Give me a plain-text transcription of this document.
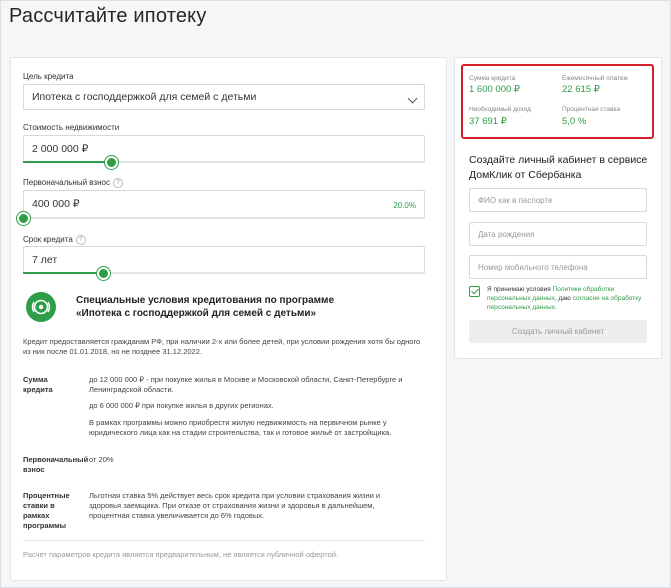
Рассчитайте ипотеку
Цель кредита
Ипотека с господдержкой для семей с детьми
Стоимость недвижимости
2 000 000 ₽
Первоначальный взнос ?
400 000 ₽	20.0%
Срок кредита ?
7 лет
Специальные условия кредитования по программе «Ипотека с господдержкой для семей с детьми»
Кредит предоставляется гражданам РФ, при наличии 2-х или более детей, при условии рождения хотя бы одного из них после 01.01.2018, но не позднее 31.12.2022.
Сумма кредита
до 12 000 000 ₽ - при покупке жилья в Москве и Московской области, Санкт-Петербурге и Ленинградской области.
до 6 000 000 ₽ при покупке жилья в других регионах.
В рамках программы можно приобрести жилую недвижимость на первичном рынке у юридического лица как на стадии строительства, так и готовое жильё от застройщика.
Первоначальный взнос
от 20%
Процентные ставки в рамках программы
Льготная ставка 5% действует весь срок кредита при условии страхования жизни и здоровья заемщика. При отказе от страхования жизни и здоровья в дальнейшем, процентная ставка увеличивается до 6% годовых.
Расчет параметров кредита является предварительным, не является публичной офертой.
Сумма кредита
1 600 000 ₽
Ежемесячный платеж
22 615 ₽
Необходимый доход
37 691 ₽
Процентная ставка
5,0 %
Создайте личный кабинет в сервисе ДомКлик от Сбербанка
ФИО как в паспорте
Дата рождения
Номер мобильного телефона
Я принимаю условия Политики обработки персональных данных, даю согласие на обработку персональных данных.
Создать личный кабинет
